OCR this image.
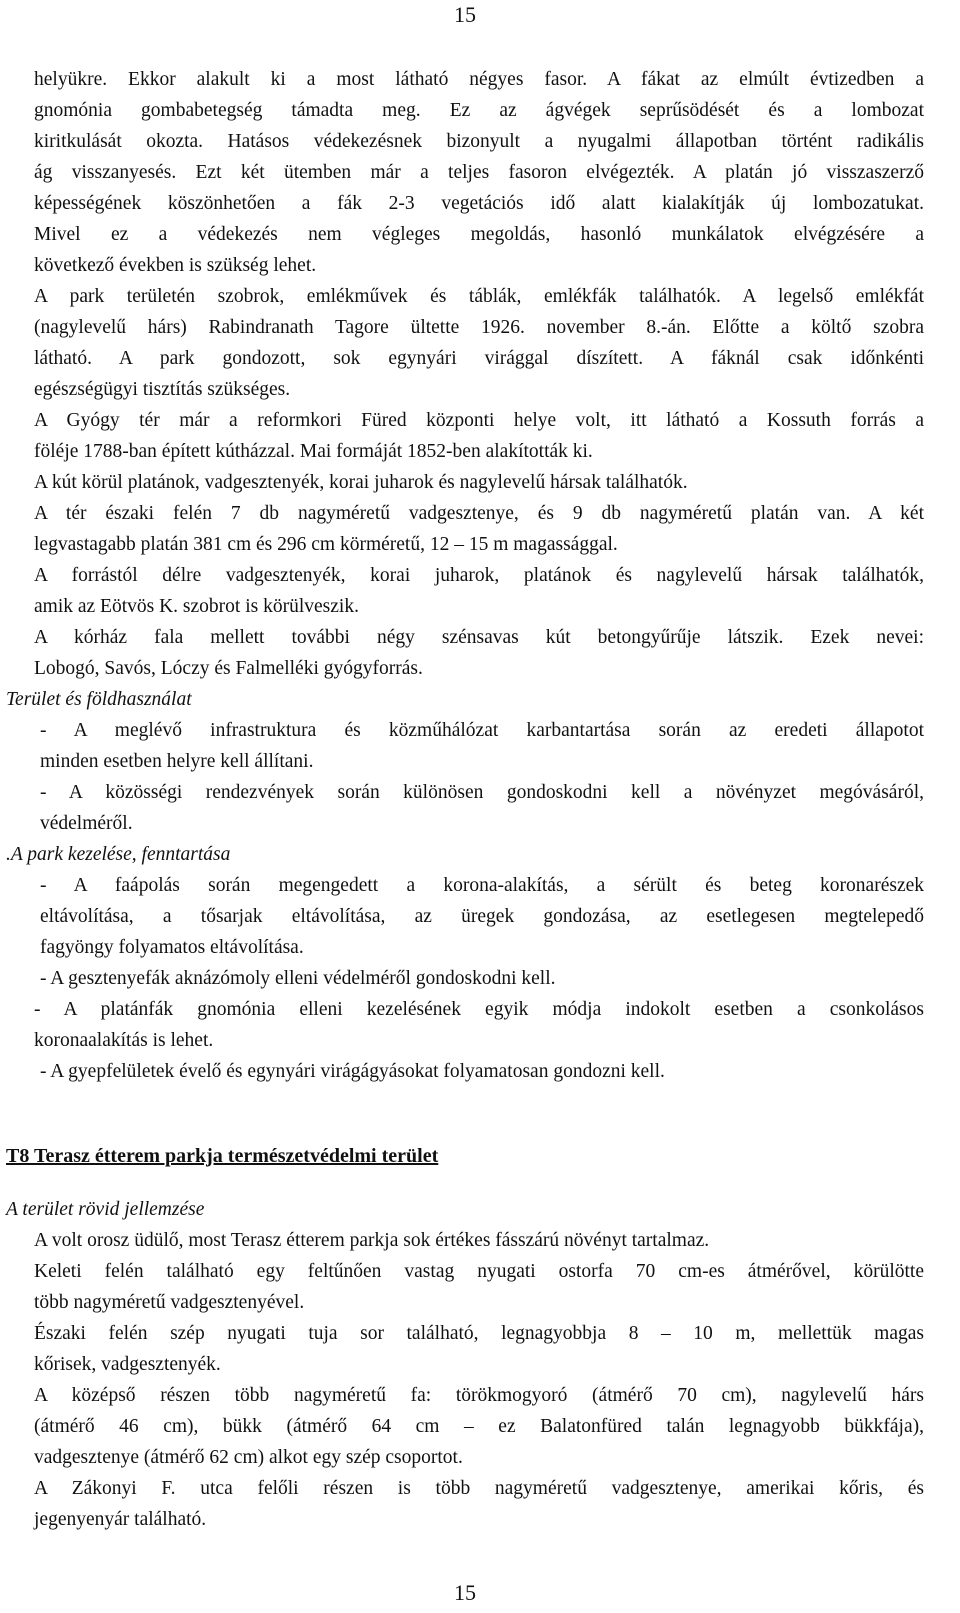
15
helyükre. Ekkor alakult ki a most látható négyes fasor. A fákat az elmúlt évtizedben a
gnomónia gombabetegség támadta meg. Ez az ágvégek seprűsödését és a lombozat
kiritkulását okozta. Hatásos védekezésnek bizonyult a nyugalmi állapotban történt radikális
ág visszanyesés. Ezt két ütemben már a teljes fasoron elvégezték. A platán jó visszaszerző
képességének köszönhetően a fák 2-3 vegetációs idő alatt kialakítják új lombozatukat.
Mivel ez a védekezés nem végleges megoldás, hasonló munkálatok elvégzésére a
következő években is szükség lehet.
A park területén szobrok, emlékművek és táblák, emlékfák találhatók. A legelső emlékfát
(nagylevelű hárs) Rabindranath Tagore ültette 1926. november 8.-án. Előtte a költő szobra
látható. A park gondozott, sok egynyári virággal díszített. A fáknál csak időnkénti
egészségügyi tisztítás szükséges.
A Gyógy tér már a reformkori Füred központi helye volt, itt látható a Kossuth forrás a
föléje 1788-ban épített kútházzal. Mai formáját 1852-ben alakították ki.
A kút körül platánok, vadgesztenyék, korai juharok és nagylevelű hársak találhatók.
A tér északi felén 7 db nagyméretű vadgesztenye, és 9 db nagyméretű platán van. A két
legvastagabb platán 381 cm és 296 cm körméretű, 12 – 15 m magassággal.
A forrástól délre vadgesztenyék, korai juharok, platánok és nagylevelű hársak találhatók,
amik az Eötvös K. szobrot is körülveszik.
A kórház fala mellett további négy szénsavas kút betongyűrűje látszik. Ezek nevei:
Lobogó, Savós, Lóczy és Falmelléki gyógyforrás.
Terület és földhasználat
- A meglévő infrastruktura és közműhálózat karbantartása során az eredeti állapotot
minden esetben helyre kell állítani.
- A közösségi rendezvények során különösen gondoskodni kell a növényzet megóvásáról,
védelméről.
.A park kezelése, fenntartása
- A faápolás során megengedett a korona-alakítás, a sérült és beteg koronarészek
eltávolítása, a tősarjak eltávolítása, az üregek gondozása, az esetlegesen megtelepedő
fagyöngy folyamatos eltávolítása.
- A gesztenyefák aknázómoly elleni védelméről gondoskodni kell.
- A platánfák gnomónia elleni kezelésének egyik módja indokolt esetben a csonkolásos
koronaalakítás is lehet.
- A gyepfelületek évelő és egynyári virágágyásokat folyamatosan gondozni kell.
T8 Terasz étterem parkja természetvédelmi terület
A terület rövid jellemzése
A volt orosz üdülő, most Terasz étterem parkja sok értékes fásszárú növényt tartalmaz.
Keleti felén található egy feltűnően vastag nyugati ostorfa 70 cm-es átmérővel, körülötte
több nagyméretű vadgesztenyével.
Északi felén szép nyugati tuja sor található, legnagyobbja 8 – 10 m, mellettük magas
kőrisek, vadgesztenyék.
A középső részen több nagyméretű fa: törökmogyoró (átmérő 70 cm), nagylevelű hárs
(átmérő 46 cm), bükk (átmérő 64 cm – ez Balatonfüred talán legnagyobb bükkfája),
vadgesztenye (átmérő 62 cm) alkot egy szép csoportot.
A Zákonyi F. utca felőli részen is több nagyméretű vadgesztenye, amerikai kőris, és
jegenyenyár található.
15
